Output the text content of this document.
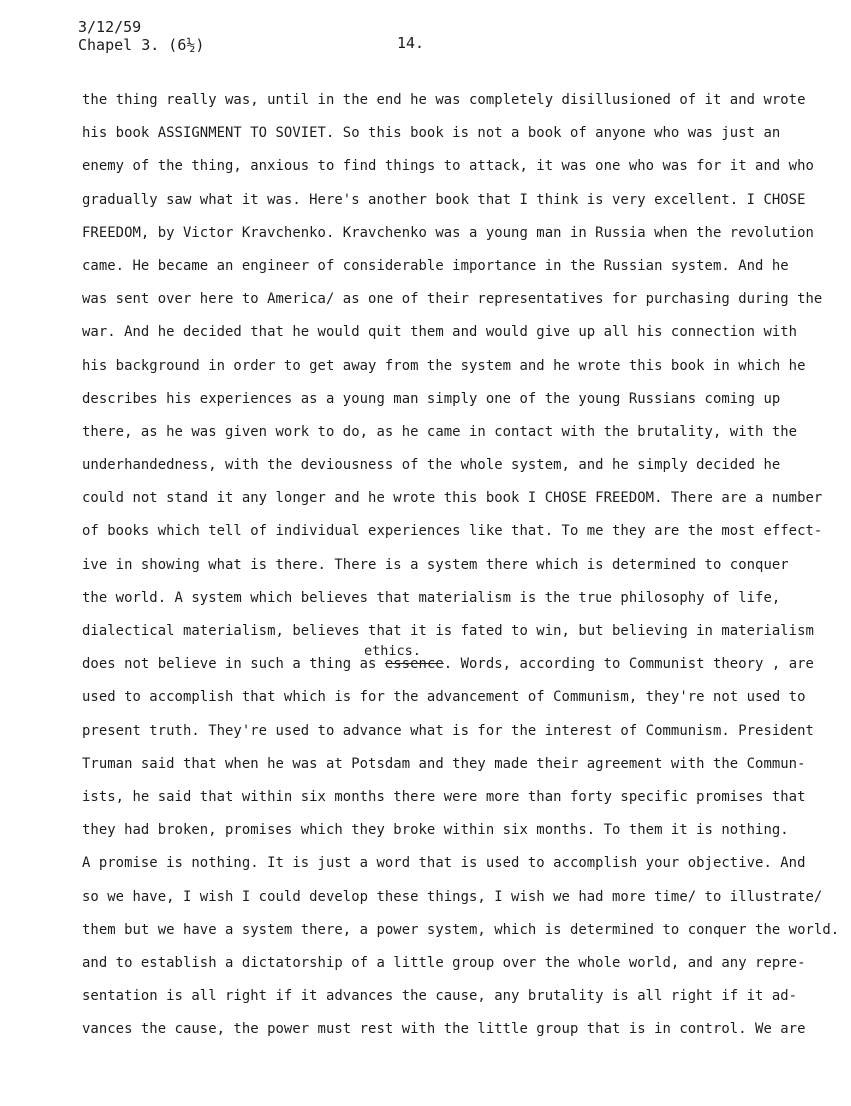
3/12/59
Chapel 3. (6½)	14.
ethics.
the thing really was, until in the end he was completely disillusioned of it and wrote
his book ASSIGNMENT TO SOVIET. So this book is not a book of anyone who was just an
enemy of the thing, anxious to find things to attack, it was one who was for it and who
gradually saw what it was. Here's another book that I think is very excellent. I CHOSE
FREEDOM, by Victor Kravchenko. Kravchenko was a young man in Russia when the revolution
came. He became an engineer of considerable importance in the Russian system. And he
was sent over here to America/ as one of their representatives for purchasing during the
war. And he decided that he would quit them and would give up all his connection with
his background in order to get away from the system and he wrote this book in which he
describes his experiences as a young man simply one of the young Russians coming up
there, as he was given work to do, as he came in contact with the brutality, with the
underhandedness, with the deviousness of the whole system, and he simply decided he
could not stand it any longer and he wrote this book I CHOSE FREEDOM. There are a number
of books which tell of individual experiences like that. To me they are the most effect-
ive in showing what is there. There is a system there which is determined to conquer
the world. A system which believes that materialism is the true philosophy of life,
dialectical materialism, believes that it is fated to win, but believing in materialism
does not believe in such a thing as essence. Words, according to Communist theory , are
used to accomplish that which is for the advancement of Communism, they're not used to
present truth. They're used to advance what is for the interest of Communism. President
Truman said that when he was at Potsdam and they made their agreement with the Commun-
ists, he said that within six months there were more than forty specific promises that
they had broken, promises which they broke within six months. To them it is nothing.
A promise is nothing. It is just a word that is used to accomplish your objective. And
so we have, I wish I could develop these things, I wish we had more time/ to illustrate/
them but we have a system there, a power system, which is determined to conquer the world.
and to establish a dictatorship of a little group over the whole world, and any repre-
sentation is all right if it advances the cause, any brutality is all right if it ad-
vances the cause, the power must rest with the little group that is in control. We are
